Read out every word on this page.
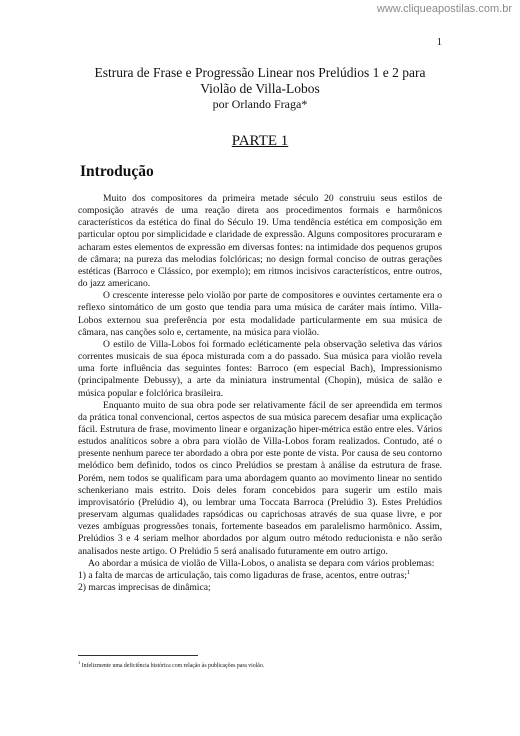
www.cliqueapostilas.com.br
1
Estrura de Frase e Progressão Linear nos Prelúdios 1 e 2 para
Violão de Villa-Lobos
por Orlando Fraga*
PARTE 1
Introdução

Muito dos compositores da primeira metade século 20 construiu seus estilos de composição através de uma reação direta aos procedimentos formais e harmônicos característicos da estética do final do Século 19. Uma tendência estética em composição em particular optou por simplicidade e claridade de expressão. Alguns compositores procuraram e acharam estes elementos de expressão em diversas fontes: na intimidade dos pequenos grupos de câmara; na pureza das melodias folclóricas; no design formal conciso de outras gerações estéticas (Barroco e Clássico, por exemplo); em ritmos incisivos característicos, entre outros, do jazz americano.

O crescente interesse pelo violão por parte de compositores e ouvintes certamente era o reflexo sintomático de um gosto que tendia para uma música de caráter mais íntimo. Villa-Lobos externou sua preferência por esta modalidade particularmente em sua música de câmara, nas canções solo e, certamente, na música para violão.

O estilo de Villa-Lobos foi formado ecléticamente pela observação seletiva das vários correntes musicais de sua época misturada com a do passado. Sua música para violão revela uma forte influência das seguintes fontes: Barroco (em especial Bach), Impressionismo (principalmente Debussy), a arte da miniatura instrumental (Chopin), música de salão e música popular e folclórica brasileira.

Enquanto muito de sua obra pode ser relativamente fácil de ser apreendida em termos da prática tonal convencional, certos aspectos de sua música parecem desafiar uma explicação fácil. Estrutura de frase, movimento linear e organização hiper-métrica estão entre eles. Vários estudos analíticos sobre a obra para violão de Villa-Lobos foram realizados. Contudo, até o presente nenhum parece ter abordado a obra por este ponte de vista. Por causa de seu contorno melódico bem definido, todos os cinco Prelúdios se prestam à análise da estrutura de frase. Porém, nem todos se qualificam para uma abordagem quanto ao movimento linear no sentido schenkeriano mais estrito. Dois deles foram concebidos para sugerir um estilo mais improvisatório (Prelúdio 4), ou lembrar uma Toccata Barroca (Prelúdio 3). Estes Prelúdios preservam algumas qualidades rapsódicas ou caprichosas através de sua quase livre, e por vezes ambíguas progressões tonais, fortemente baseados em paralelismo harmônico. Assim, Prelúdios 3 e 4 seriam melhor abordados por algum outro método reducionista e não serão analisados neste artigo. O Prelúdio 5 será analisado futuramente em outro artigo.

Ao abordar a música de violão de Villa-Lobos, o analista se depara com vários problemas:

1) a falta de marcas de articulação, tais como ligaduras de frase, acentos, entre outras;$^1$
2) marcas imprecisas de dinâmica;
$^1$ Infelizmente uma deficiência histórica com relação às publicações para violão.
